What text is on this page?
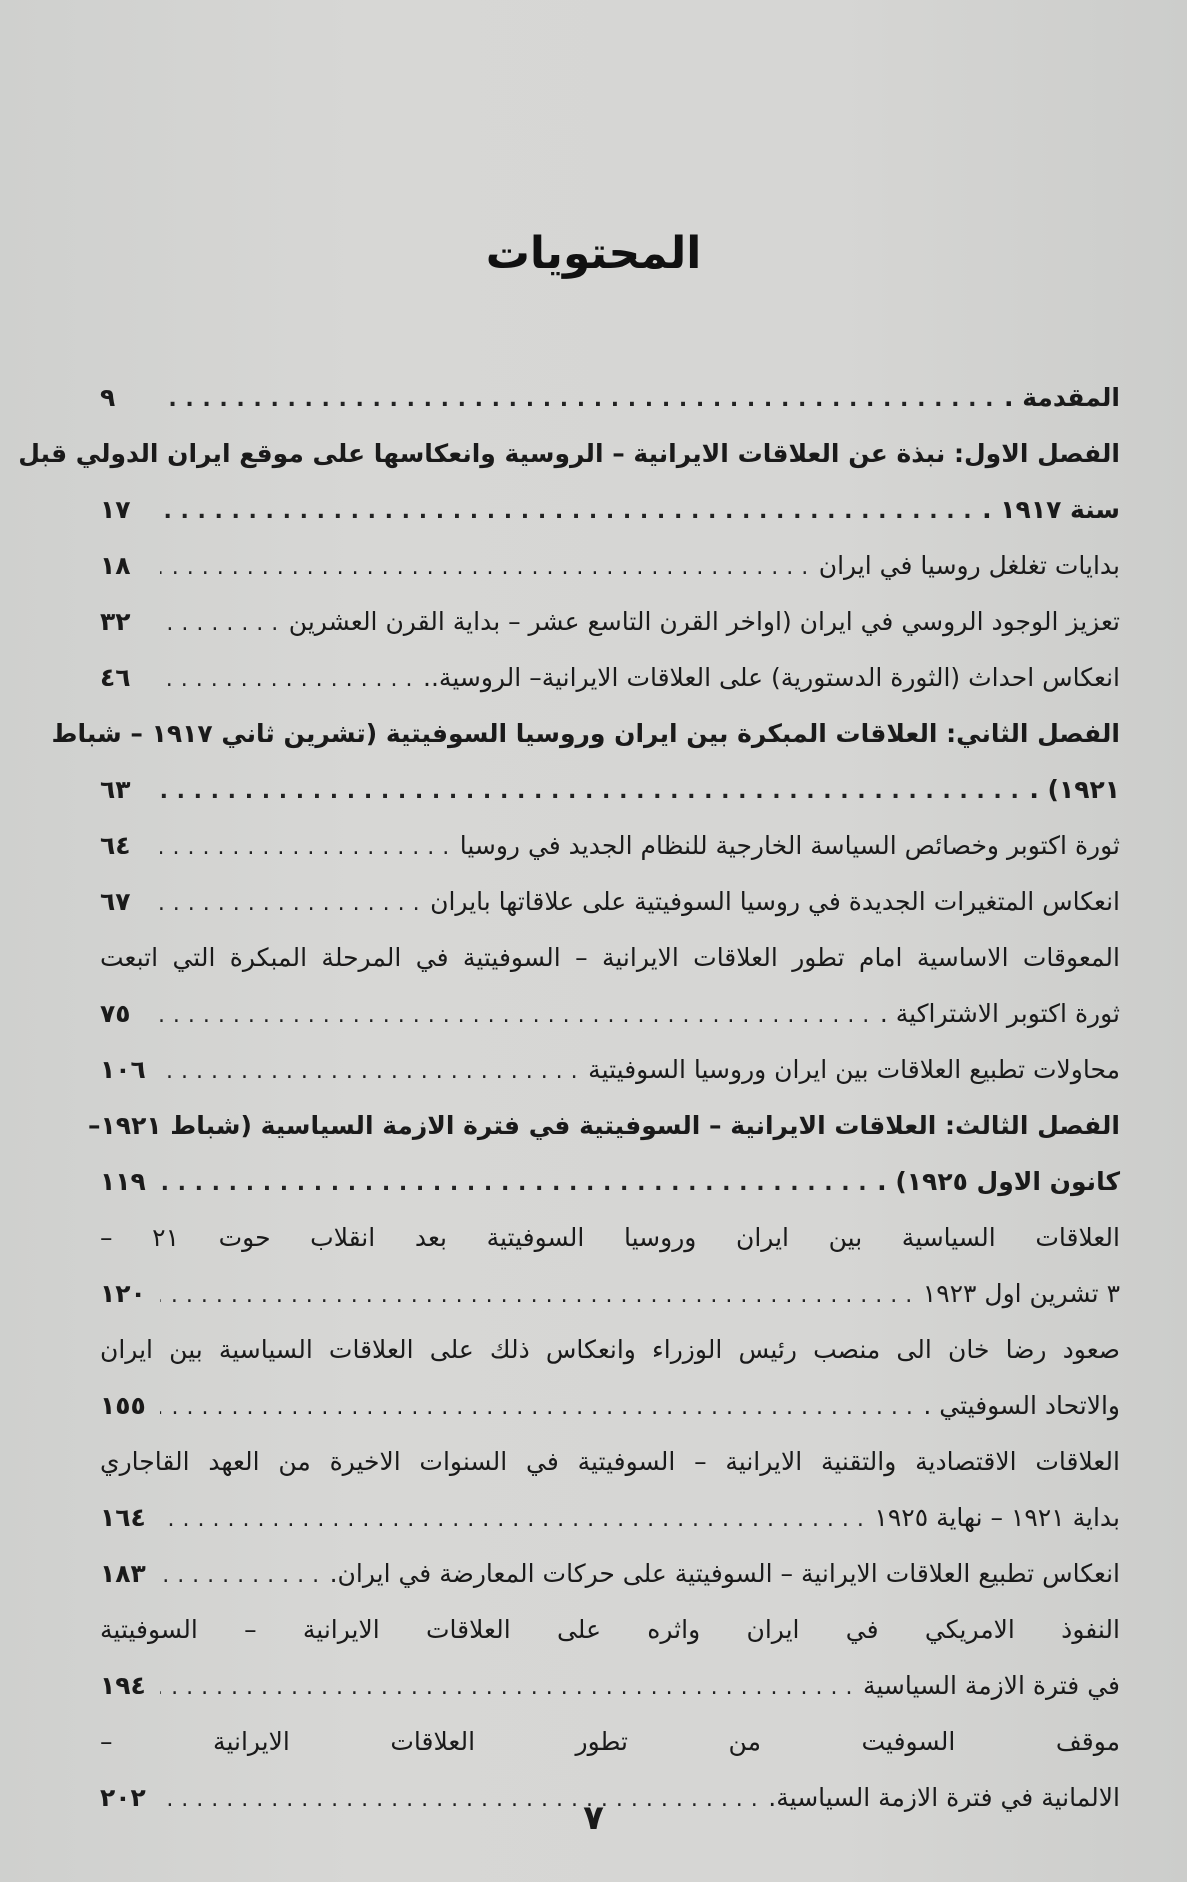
المحتويات
المقدمة .
. . .
٩
الفصل الاول: نبذة عن العلاقات الايرانية – الروسية وانعكاسها على موقع ايران الدولي قبل
سنة ١٩١٧ .
. . .
١٧
بدايات تغلغل روسيا في ايران
. . .
١٨
تعزيز الوجود الروسي في ايران (اواخر القرن التاسع عشر – بداية القرن العشرين
. . .
٣٢
انعكاس احداث (الثورة الدستورية) على العلاقات الايرانية– الروسية..
. . .
٤٦
الفصل الثاني: العلاقات المبكرة بين ايران وروسيا السوفيتية (تشرين ثاني ١٩١٧ – شباط
١٩٢١) .
. . .
٦٣
ثورة اكتوبر وخصائص السياسة الخارجية للنظام الجديد في روسيا
. . .
٦٤
انعكاس المتغيرات الجديدة في روسيا السوفيتية على علاقاتها بايران
. . .
٦٧
المعوقات الاساسية امام تطور العلاقات الايرانية – السوفيتية في المرحلة المبكرة التي اتبعت
ثورة اكتوبر الاشتراكية .
. . .
٧٥
محاولات تطبيع العلاقات بين ايران وروسيا السوفيتية
. . .
١٠٦
الفصل الثالث: العلاقات الايرانية – السوفيتية في فترة الازمة السياسية (شباط ١٩٢١–
كانون الاول ١٩٢٥) .
. . .
١١٩
العلاقات السياسية بين ايران وروسيا السوفيتية بعد انقلاب حوت ٢١ –
٣ تشرين اول ١٩٢٣
. . .
١٢٠
صعود رضا خان الى منصب رئيس الوزراء وانعكاس ذلك على العلاقات السياسية بين ايران
والاتحاد السوفيتي .
. . .
١٥٥
العلاقات الاقتصادية والتقنية الايرانية – السوفيتية في السنوات الاخيرة من العهد القاجاري
بداية ١٩٢١ – نهاية ١٩٢٥
. . .
١٦٤
انعكاس تطبيع العلاقات الايرانية – السوفيتية على حركات المعارضة في ايران.
. . .
١٨٣
النفوذ الامريكي في ايران واثره على العلاقات الايرانية – السوفيتية
في فترة الازمة السياسية
. . .
١٩٤
موقف السوفيت من تطور العلاقات الايرانية –
الالمانية في فترة الازمة السياسية.
. . .
٢٠٢
٧
